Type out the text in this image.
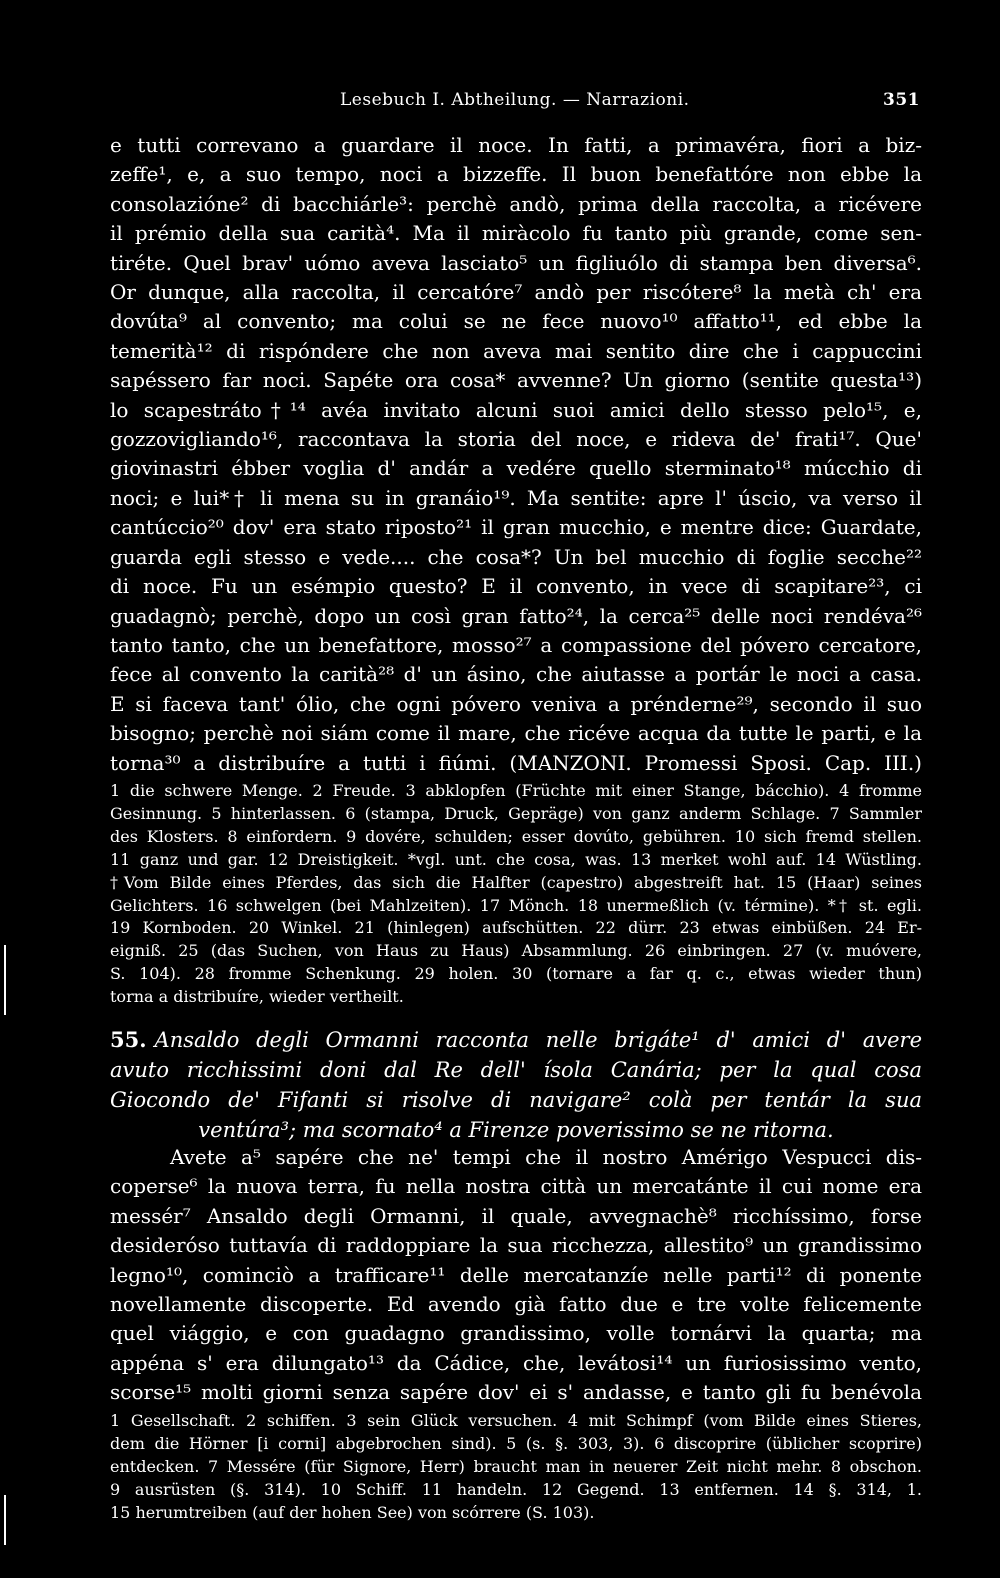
Lesebuch I. Abtheilung. — Narrazioni.	351
e tutti correvano a guardare il noce. In fatti, a primavéra, fiori a biz-
zeffe¹, e, a suo tempo, noci a bizzeffe. Il buon benefattóre non ebbe la
consolazióne² di bacchiárle³: perchè andò, prima della raccolta, a ricévere
il prémio della sua carità⁴. Ma il miràcolo fu tanto più grande, come sen-
tiréte. Quel brav' uómo aveva lasciato⁵ un figliuólo di stampa ben diversa⁶.
Or dunque, alla raccolta, il cercatóre⁷ andò per riscótere⁸ la metà ch' era
dovúta⁹ al convento; ma colui se ne fece nuovo¹⁰ affatto¹¹, ed ebbe la
temerità¹² di rispóndere che non aveva mai sentito dire che i cappuccini
sapéssero far noci. Sapéte ora cosa* avvenne? Un giorno (sentite questa¹³)
lo scapestráto†¹⁴ avéa invitato alcuni suoi amici dello stesso pelo¹⁵, e,
gozzovigliando¹⁶, raccontava la storia del noce, e rideva de' frati¹⁷. Que'
giovinastri ébber voglia d' andár a vedére quello sterminato¹⁸ múcchio di
noci; e lui*† li mena su in granáio¹⁹. Ma sentite: apre l' úscio, va verso il
cantúccio²⁰ dov' era stato riposto²¹ il gran mucchio, e mentre dice: Guardate,
guarda egli stesso e vede.... che cosa*? Un bel mucchio di foglie secche²²
di noce. Fu un esémpio questo? E il convento, in vece di scapitare²³, ci
guadagnò; perchè, dopo un così gran fatto²⁴, la cerca²⁵ delle noci rendéva²⁶
tanto tanto, che un benefattore, mosso²⁷ a compassione del póvero cercatore,
fece al convento la carità²⁸ d' un ásino, che aiutasse a portár le noci a casa.
E si faceva tant' ólio, che ogni póvero veniva a prénderne²⁹, secondo il suo
bisogno; perchè noi siám come il mare, che ricéve acqua da tutte le parti, e la
torna³⁰ a distribuíre a tutti i fiúmi. (MANZONI. Promessi Sposi. Cap. III.)
1 die schwere Menge. 2 Freude. 3 abklopfen (Früchte mit einer Stange, bácchio). 4 fromme
Gesinnung. 5 hinterlassen. 6 (stampa, Druck, Gepräge) von ganz anderm Schlage. 7 Sammler
des Klosters. 8 einfordern. 9 dovére, schulden; esser dovúto, gebühren. 10 sich fremd stellen.
11 ganz und gar. 12 Dreistigkeit. *vgl. unt. che cosa, was. 13 merket wohl auf. 14 Wüstling.
†Vom Bilde eines Pferdes, das sich die Halfter (capestro) abgestreift hat. 15 (Haar) seines
Gelichters. 16 schwelgen (bei Mahlzeiten). 17 Mönch. 18 unermeßlich (v. términe). *† st. egli.
19 Kornboden. 20 Winkel. 21 (hinlegen) aufschütten. 22 dürr. 23 etwas einbüßen. 24 Er-
eigniß. 25 (das Suchen, von Haus zu Haus) Absammlung. 26 einbringen. 27 (v. muóvere,
S. 104). 28 fromme Schenkung. 29 holen. 30 (tornare a far q. c., etwas wieder thun)
torna a distribuíre, wieder vertheilt.
55. Ansaldo degli Ormanni racconta nelle brigáte¹ d' amici d' avere
avuto ricchissimi doni dal Re dell' ísola Canária; per la qual cosa
Giocondo de' Fifanti si risolve di navigare² colà per tentár la sua
ventúra³; ma scornato⁴ a Firenze poverissimo se ne ritorna.
Avete a⁵ sapére che ne' tempi che il nostro Amérigo Vespucci dis-
coperse⁶ la nuova terra, fu nella nostra città un mercatánte il cui nome era
messér⁷ Ansaldo degli Ormanni, il quale, avvegnachè⁸ ricchíssimo, forse
desideróso tuttavía di raddoppiare la sua ricchezza, allestito⁹ un grandissimo
legno¹⁰, cominciò a trafficare¹¹ delle mercatanzíe nelle parti¹² di ponente
novellamente discoperte. Ed avendo già fatto due e tre volte felicemente
quel viággio, e con guadagno grandissimo, volle tornárvi la quarta; ma
appéna s' era dilungato¹³ da Cádice, che, levátosi¹⁴ un furiosissimo vento,
scorse¹⁵ molti giorni senza sapére dov' ei s' andasse, e tanto gli fu benévola
1 Gesellschaft. 2 schiffen. 3 sein Glück versuchen. 4 mit Schimpf (vom Bilde eines Stieres,
dem die Hörner [i corni] abgebrochen sind). 5 (s. §. 303, 3). 6 discoprire (üblicher scoprire)
entdecken. 7 Messére (für Signore, Herr) braucht man in neuerer Zeit nicht mehr. 8 obschon.
9 ausrüsten (§. 314). 10 Schiff. 11 handeln. 12 Gegend. 13 entfernen. 14 §. 314, 1.
15 herumtreiben (auf der hohen See) von scórrere (S. 103).
